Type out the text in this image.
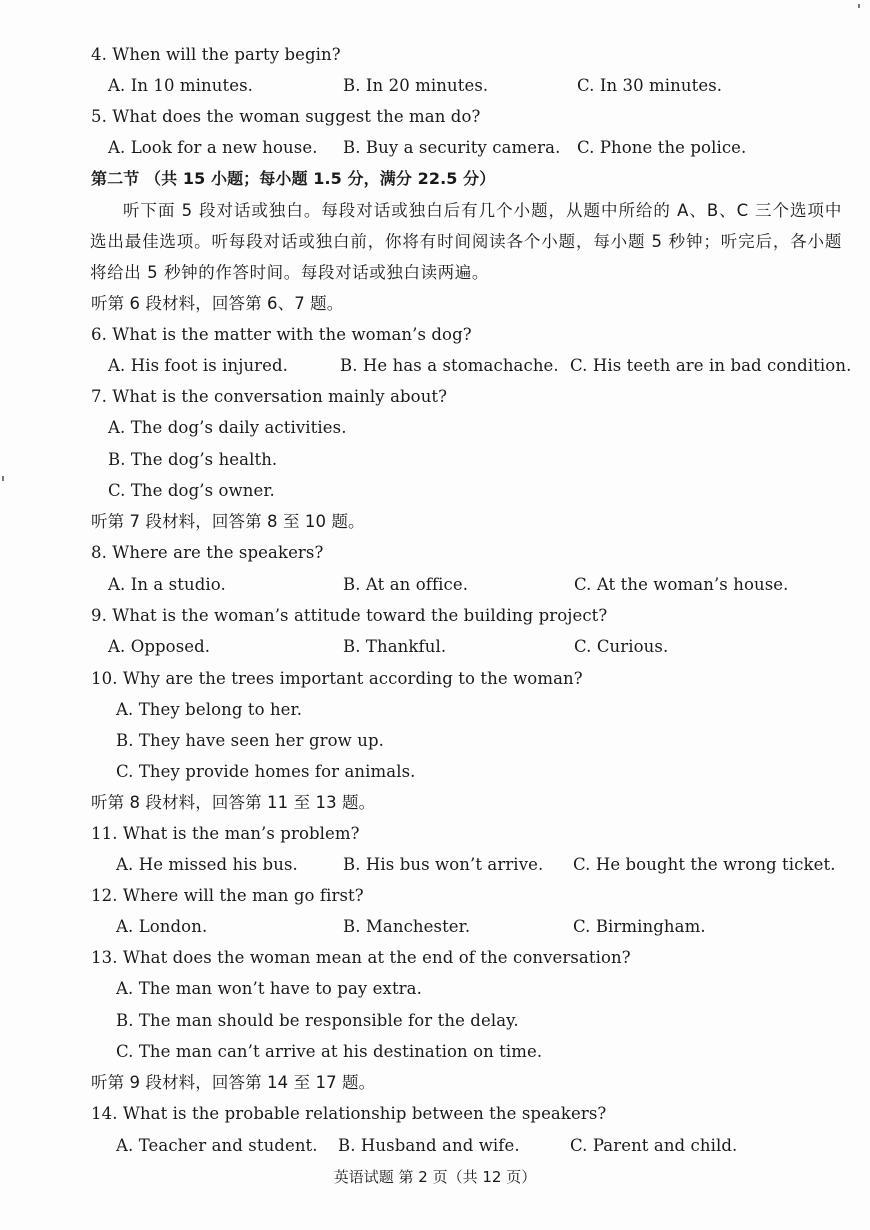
4. When will the party begin?
A. In 10 minutes.	B. In 20 minutes.	C. In 30 minutes.
5. What does the woman suggest the man do?
A. Look for a new house. B. Buy a security camera. C. Phone the police.
第二节 （共 15 小题；每小题 1.5 分，满分 22.5 分）
听下面 5 段对话或独白。每段对话或独白后有几个小题，从题中所给的 A、B、C 三个选项中选出最佳选项。听每段对话或独白前，你将有时间阅读各个小题，每小题 5 秒钟；听完后，各小题将给出 5 秒钟的作答时间。每段对话或独白读两遍。
听第 6 段材料，回答第 6、7 题。
6. What is the matter with the woman’s dog?
A. His foot is injured.	B. He has a stomachache. C. His teeth are in bad condition.
7. What is the conversation mainly about?
A. The dog’s daily activities.
B. The dog’s health.
C. The dog’s owner.
听第 7 段材料，回答第 8 至 10 题。
8. Where are the speakers?
A. In a studio.	B. At an office.	C. At the woman’s house.
9. What is the woman’s attitude toward the building project?
A. Opposed.	B. Thankful.	C. Curious.
10. Why are the trees important according to the woman?
A. They belong to her.
B. They have seen her grow up.
C. They provide homes for animals.
听第 8 段材料，回答第 11 至 13 题。
11. What is the man’s problem?
A. He missed his bus.	B. His bus won’t arrive. C. He bought the wrong ticket.
12. Where will the man go first?
A. London.	B. Manchester.	C. Birmingham.
13. What does the woman mean at the end of the conversation?
A. The man won’t have to pay extra.
B. The man should be responsible for the delay.
C. The man can’t arrive at his destination on time.
听第 9 段材料，回答第 14 至 17 题。
14. What is the probable relationship between the speakers?
A. Teacher and student. B. Husband and wife.	C. Parent and child.
英语试题 第 2 页（共 12 页）
